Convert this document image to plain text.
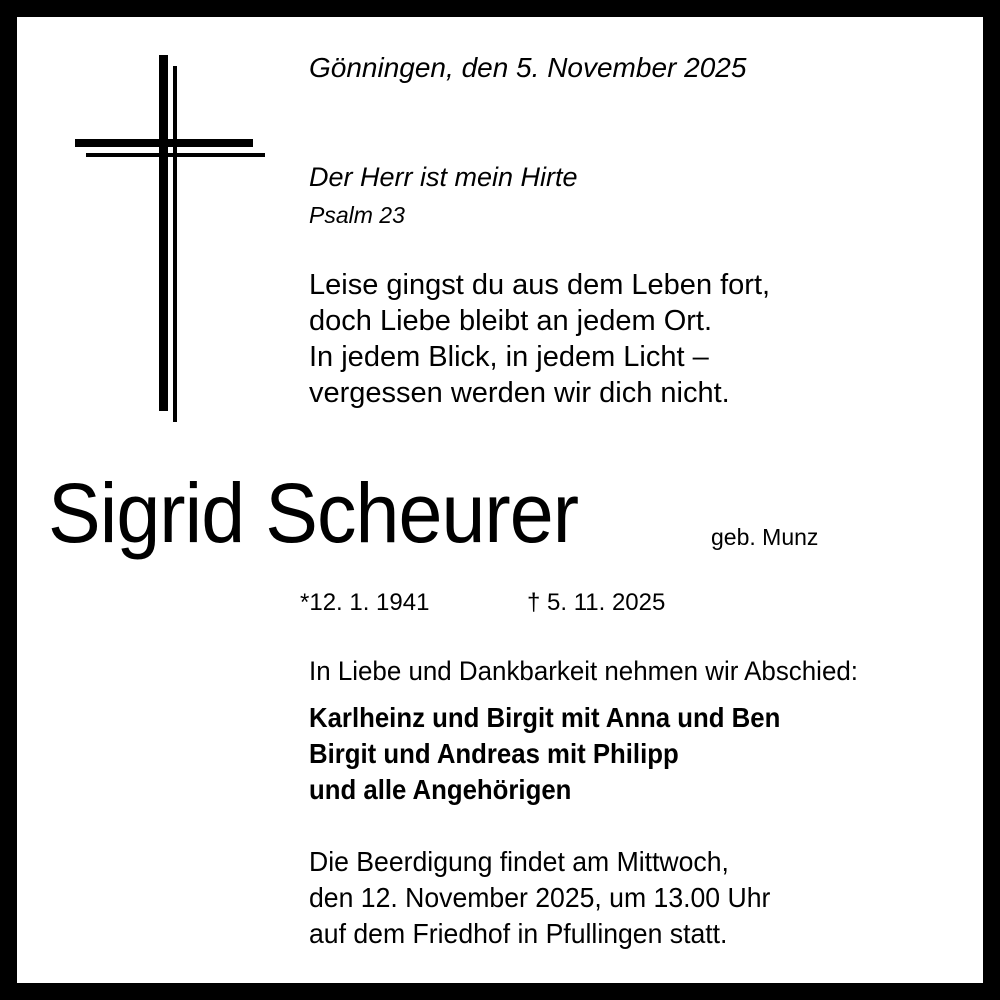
Gönningen, den 5. November 2025
Der Herr ist mein Hirte
Psalm 23
Leise gingst du aus dem Leben fort,
doch Liebe bleibt an jedem Ort.
In jedem Blick, in jedem Licht –
vergessen werden wir dich nicht.
Sigrid Scheurer	geb. Munz
*12. 1. 1941	† 5. 11. 2025
In Liebe und Dankbarkeit nehmen wir Abschied:
Karlheinz und Birgit mit Anna und Ben
Birgit und Andreas mit Philipp
und alle Angehörigen
Die Beerdigung findet am Mittwoch,
den 12. November 2025, um 13.00 Uhr
auf dem Friedhof in Pfullingen statt.
